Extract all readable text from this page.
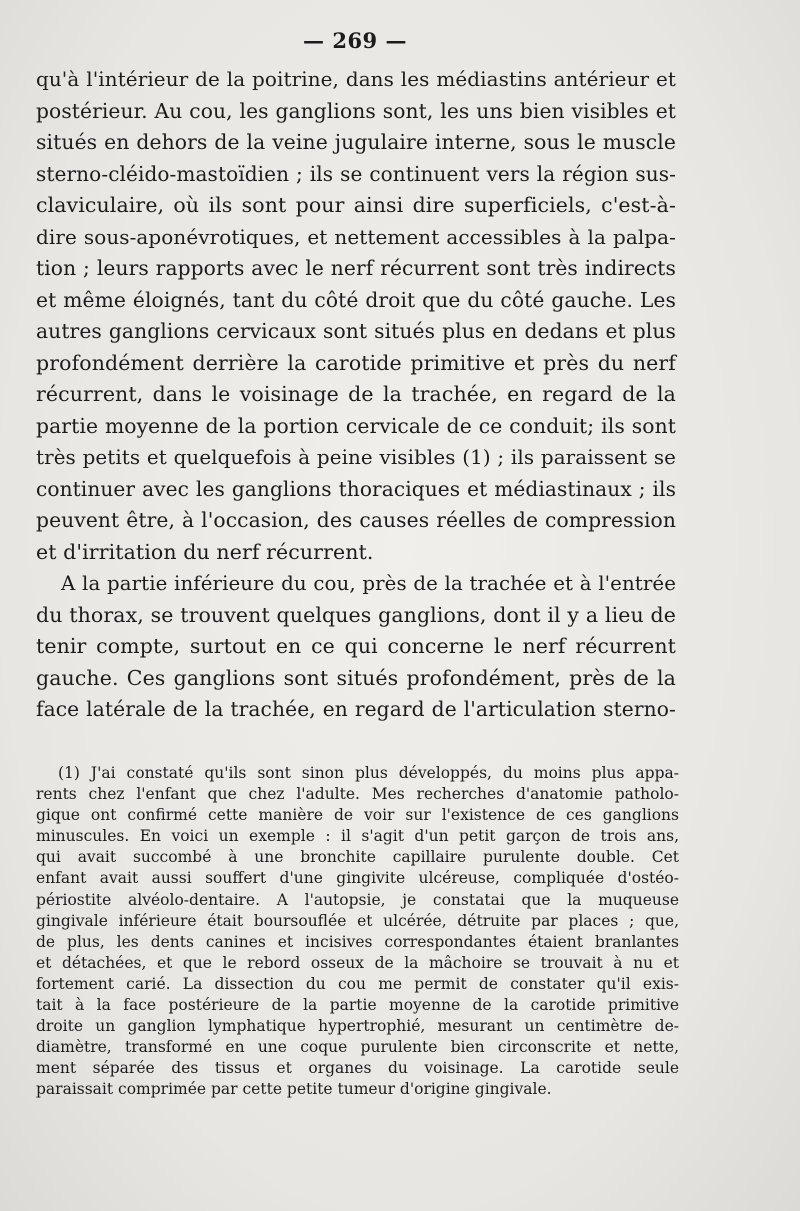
— 269 —
qu'à l'intérieur de la poitrine, dans les médiastins antérieur et
postérieur. Au cou, les ganglions sont, les uns bien visibles et
situés en dehors de la veine jugulaire interne, sous le muscle
sterno-cléido-mastoïdien ; ils se continuent vers la région sus-
claviculaire, où ils sont pour ainsi dire superficiels, c'est-à-
dire sous-aponévrotiques, et nettement accessibles à la palpa-
tion ; leurs rapports avec le nerf récurrent sont très indirects
et même éloignés, tant du côté droit que du côté gauche. Les
autres ganglions cervicaux sont situés plus en dedans et plus
profondément derrière la carotide primitive et près du nerf
récurrent, dans le voisinage de la trachée, en regard de la
partie moyenne de la portion cervicale de ce conduit; ils sont
très petits et quelquefois à peine visibles (1) ; ils paraissent se
continuer avec les ganglions thoraciques et médiastinaux ; ils
peuvent être, à l'occasion, des causes réelles de compression
et d'irritation du nerf récurrent.
A la partie inférieure du cou, près de la trachée et à l'entrée
du thorax, se trouvent quelques ganglions, dont il y a lieu de
tenir compte, surtout en ce qui concerne le nerf récurrent
gauche. Ces ganglions sont situés profondément, près de la
face latérale de la trachée, en regard de l'articulation sterno-
(1) J'ai constaté qu'ils sont sinon plus développés, du moins plus appa-
rents chez l'enfant que chez l'adulte. Mes recherches d'anatomie patholo-
gique ont confirmé cette manière de voir sur l'existence de ces ganglions
minuscules. En voici un exemple : il s'agit d'un petit garçon de trois ans,
qui avait succombé à une bronchite capillaire purulente double. Cet
enfant avait aussi souffert d'une gingivite ulcéreuse, compliquée d'ostéo-
périostite alvéolo-dentaire. A l'autopsie, je constatai que la muqueuse
gingivale inférieure était boursouflée et ulcérée, détruite par places ; que,
de plus, les dents canines et incisives correspondantes étaient branlantes
et détachées, et que le rebord osseux de la mâchoire se trouvait à nu et
fortement carié. La dissection du cou me permit de constater qu'il exis-
tait à la face postérieure de la partie moyenne de la carotide primitive
droite un ganglion lymphatique hypertrophié, mesurant un centimètre de-
diamètre, transformé en une coque purulente bien circonscrite et nette,
ment séparée des tissus et organes du voisinage. La carotide seule
paraissait comprimée par cette petite tumeur d'origine gingivale.
